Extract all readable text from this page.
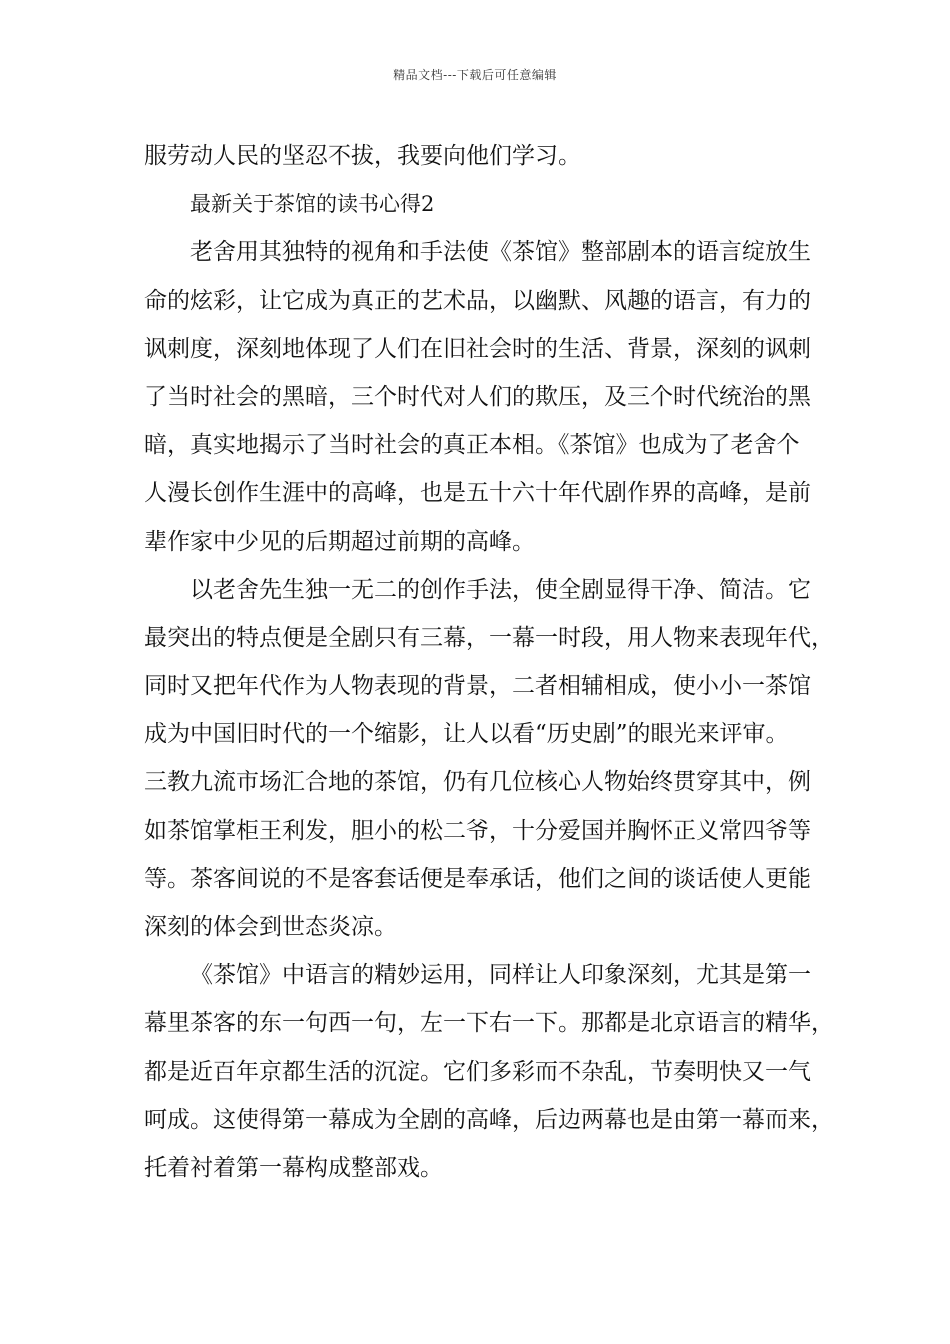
精品文档---下载后可任意编辑
服劳动人民的坚忍不拔，我要向他们学习。
最新关于茶馆的读书心得2
老舍用其独特的视角和手法使《茶馆》整部剧本的语言绽放生
命的炫彩，让它成为真正的艺术品，以幽默、风趣的语言，有力的
讽刺度，深刻地体现了人们在旧社会时的生活、背景，深刻的讽刺
了当时社会的黑暗，三个时代对人们的欺压，及三个时代统治的黑
暗，真实地揭示了当时社会的真正本相。《茶馆》也成为了老舍个
人漫长创作生涯中的高峰，也是五十六十年代剧作界的高峰，是前
辈作家中少见的后期超过前期的高峰。
以老舍先生独一无二的创作手法，使全剧显得干净、简洁。它
最突出的特点便是全剧只有三幕，一幕一时段，用人物来表现年代，
同时又把年代作为人物表现的背景，二者相辅相成，使小小一茶馆
成为中国旧时代的一个缩影，让人以看“历史剧”的眼光来评审。
三教九流市场汇合地的茶馆，仍有几位核心人物始终贯穿其中，例
如茶馆掌柜王利发，胆小的松二爷，十分爱国并胸怀正义常四爷等
等。茶客间说的不是客套话便是奉承话，他们之间的谈话使人更能
深刻的体会到世态炎凉。
《茶馆》中语言的精妙运用，同样让人印象深刻，尤其是第一
幕里茶客的东一句西一句，左一下右一下。那都是北京语言的精华，
都是近百年京都生活的沉淀。它们多彩而不杂乱，节奏明快又一气
呵成。这使得第一幕成为全剧的高峰，后边两幕也是由第一幕而来，
托着衬着第一幕构成整部戏。
